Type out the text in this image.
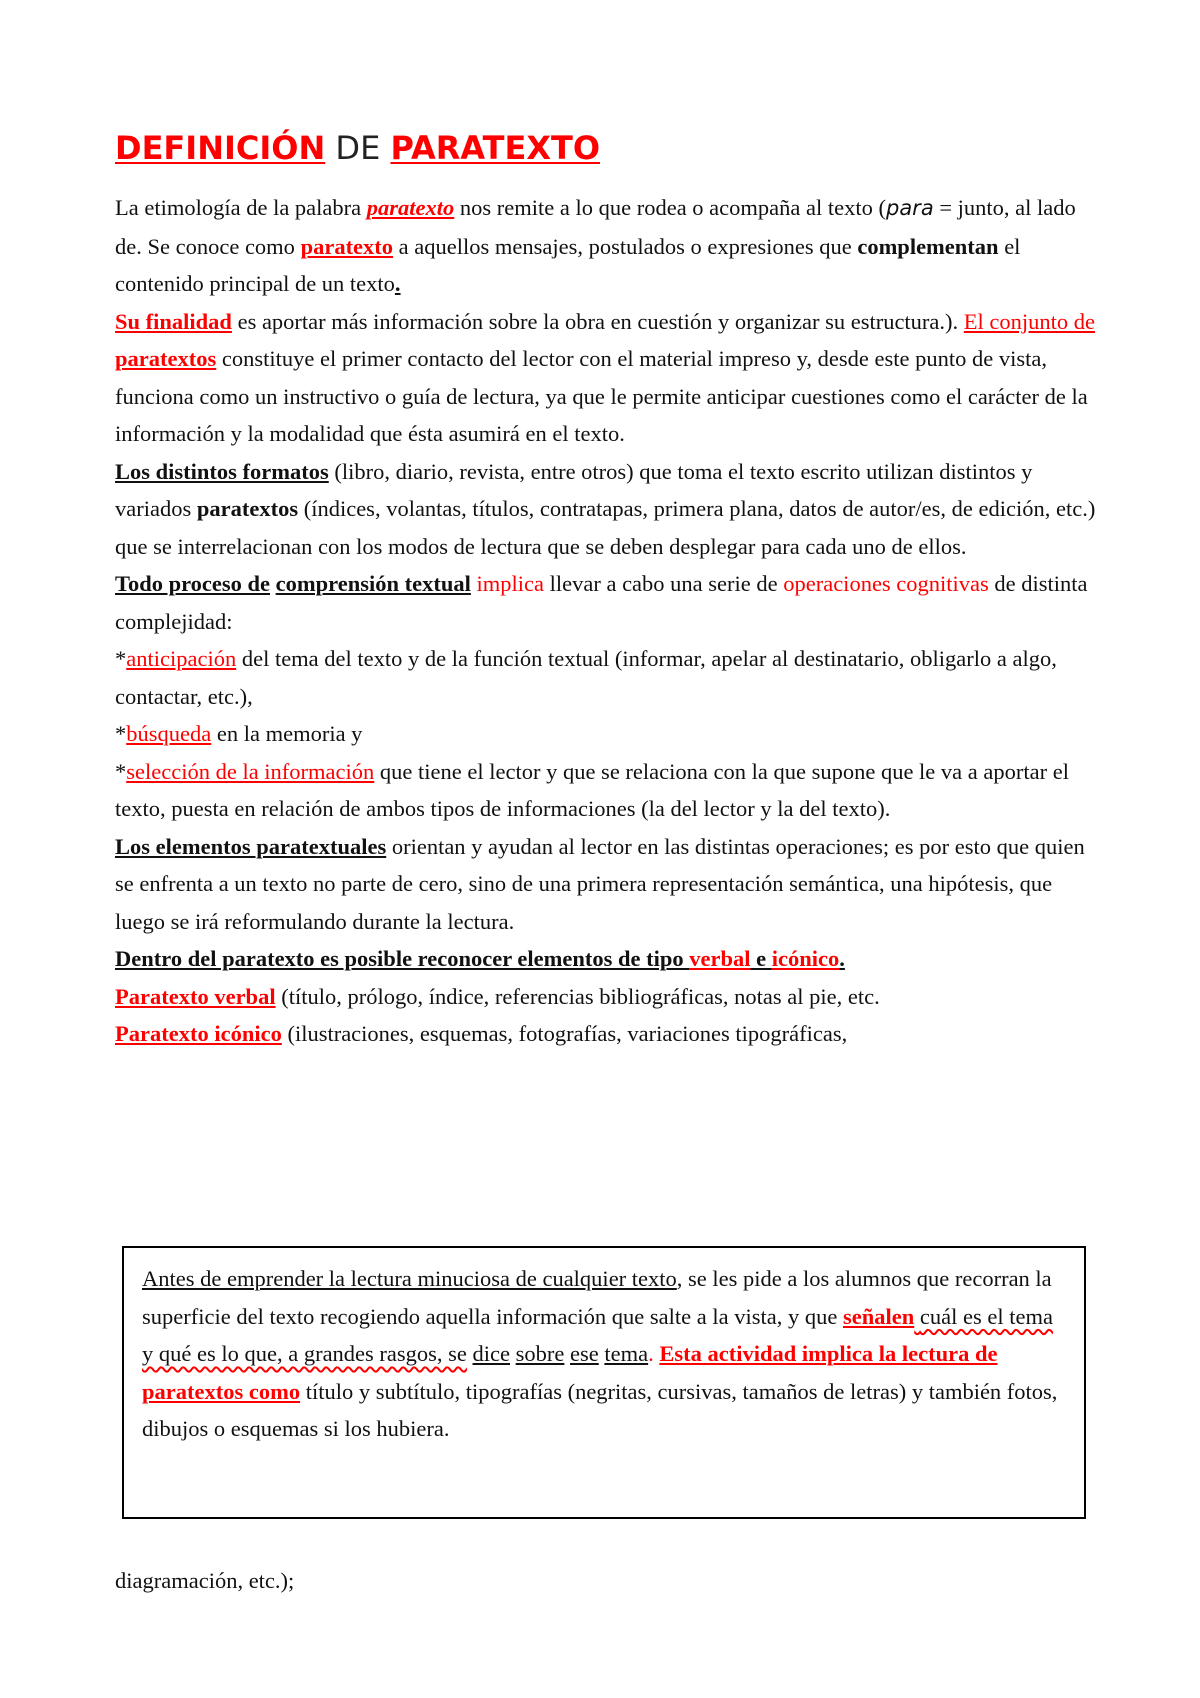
DEFINICIÓN DE PARATEXTO

La etimología de la palabra paratexto nos remite a lo que rodea o acompaña al texto (para = junto, al lado de. Se conoce como paratexto a aquellos mensajes, postulados o expresiones que complementan el contenido principal de un texto.

Su finalidad es aportar más información sobre la obra en cuestión y organizar su estructura.). El conjunto de paratextos constituye el primer contacto del lector con el material impreso y, desde este punto de vista, funciona como un instructivo o guía de lectura, ya que le permite anticipar cuestiones como el carácter de la información y la modalidad que ésta asumirá en el texto.

Los distintos formatos (libro, diario, revista, entre otros) que toma el texto escrito utilizan distintos y variados paratextos (índices, volantas, títulos, contratapas, primera plana, datos de autor/es, de edición, etc.) que se interrelacionan con los modos de lectura que se deben desplegar para cada uno de ellos.

Todo proceso de comprensión textual implica llevar a cabo una serie de operaciones cognitivas de distinta complejidad:

*anticipación del tema del texto y de la función textual (informar, apelar al destinatario, obligarlo a algo, contactar, etc.),

*búsqueda en la memoria y

*selección de la información que tiene el lector y que se relaciona con la que supone que le va a aportar el texto, puesta en relación de ambos tipos de informaciones (la del lector y la del texto).

Los elementos paratextuales orientan y ayudan al lector en las distintas operaciones; es por esto que quien se enfrenta a un texto no parte de cero, sino de una primera representación semántica, una hipótesis, que luego se irá reformulando durante la lectura.

Dentro del paratexto es posible reconocer elementos de tipo verbal e icónico.

Paratexto verbal (título, prólogo, índice, referencias bibliográficas, notas al pie, etc.

Paratexto icónico (ilustraciones, esquemas, fotografías, variaciones tipográficas,

Antes de emprender la lectura minuciosa de cualquier texto, se les pide a los alumnos que recorran la superficie del texto recogiendo aquella información que salte a la vista, y que señalen cuál es el tema y qué es lo que, a grandes rasgos, se dice sobre ese tema. Esta actividad implica la lectura de paratextos como título y subtítulo, tipografías (negritas, cursivas, tamaños de letras) y también fotos, dibujos o esquemas si los hubiera.

diagramación, etc.);
